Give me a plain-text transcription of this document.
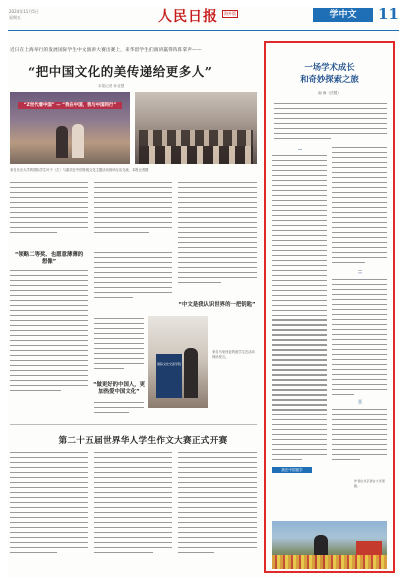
2024年11月5日
星期五	人民日报	海外版	学中文	11
近日在上海举行的发展国际学生中文演讲大赛出赛上，来华留学生们演讲赢得阵阵掌声——
“把中国文化的美传递给更多人”
本报记者 孙亚慧
“Z世代看中国” — “我在中国，我与中国同行”
来自北京大学的国际学生叶子（左）与嘉宾在中国传统文化主题活动现场互动交流。本报记者摄
“领略二等奖、也愿意薄薄的想像”
“中文是我认识世界的一把钥匙”
国际文化交流学院
来自马来西亚的留学生在活动现场发言。
“做更好的中国人，更加热爱中国文化”
第二十五届世界华人学生作文大赛正式开赛
一场学术成长
和奇妙探索之旅
南 雨（法国）
一
二
三
我在中国留学
作者在北京语言大学留影。
